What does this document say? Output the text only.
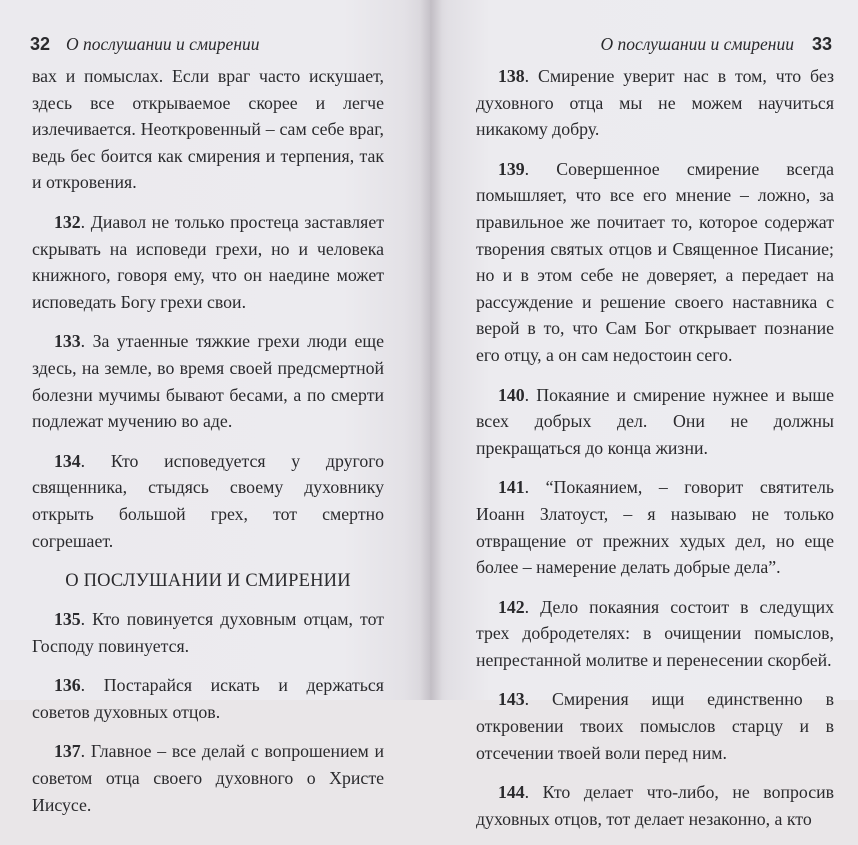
32 О послушании и смирении

вах и помыслах. Если враг часто искушает, здесь все открываемое скорее и легче излечивается. Неоткровенный – сам себе враг, ведь бес боится как смирения и терпения, так и откровения.

132. Диавол не только простеца заставляет скрывать на исповеди грехи, но и человека книжного, говоря ему, что он наедине может исповедать Богу грехи свои.

133. За утаенные тяжкие грехи люди еще здесь, на земле, во время своей предсмертной болезни мучимы бывают бесами, а по смерти подлежат мучению во аде.

134. Кто исповедуется у другого священника, стыдясь своему духовнику открыть большой грех, тот смертно согрешает.

О ПОСЛУШАНИИ И СМИРЕНИИ

135. Кто повинуется духовным отцам, тот Господу повинуется.

136. Постарайся искать и держаться советов духовных отцов.

137. Главное – все делай с вопрошением и советом отца своего духовного о Христе Иисусе.

О послушании и смирении 33

138. Смирение уверит нас в том, что без духовного отца мы не можем научиться никакому добру.

139. Совершенное смирение всегда помышляет, что все его мнение – ложно, за правильное же почитает то, которое содержат творения святых отцов и Священное Писание; но и в этом себе не доверяет, а передает на рассуждение и решение своего наставника с верой в то, что Сам Бог открывает познание его отцу, а он сам недостоин сего.

140. Покаяние и смирение нужнее и выше всех добрых дел. Они не должны прекращаться до конца жизни.

141. “Покаянием, – говорит святитель Иоанн Златоуст, – я называю не только отвращение от прежних худых дел, но еще более – намерение делать добрые дела”.

142. Дело покаяния состоит в следущих трех добродетелях: в очищении помыслов, непрестанной молитве и перенесении скорбей.

143. Смирения ищи единственно в откровении твоих помыслов старцу и в отсечении твоей воли перед ним.

144. Кто делает что-либо, не вопросив духовных отцов, тот делает незаконно, а кто
